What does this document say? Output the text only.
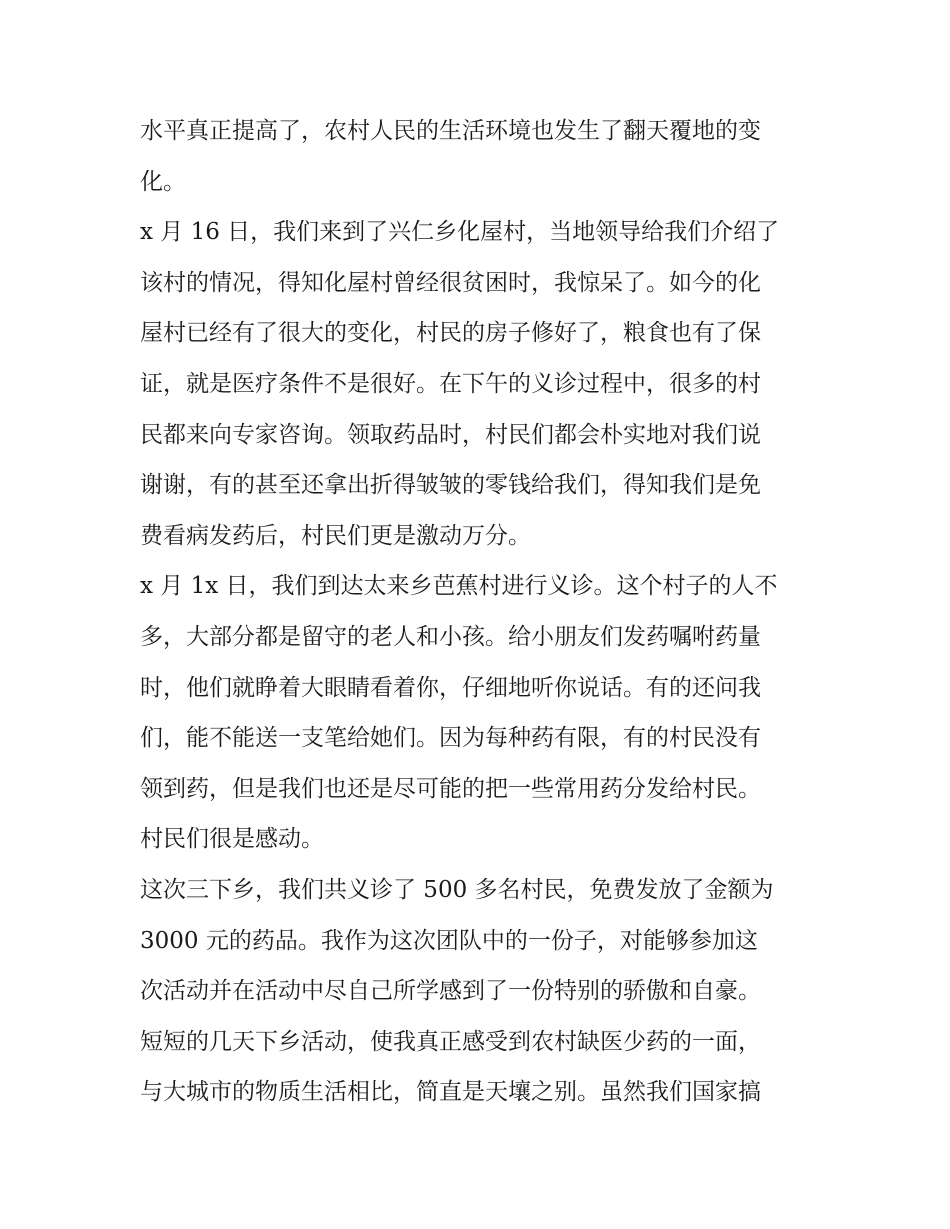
水平真正提高了，农村人民的生活环境也发生了翻天覆地的变
化。
x 月 16 日，我们来到了兴仁乡化屋村，当地领导给我们介绍了
该村的情况，得知化屋村曾经很贫困时，我惊呆了。如今的化
屋村已经有了很大的变化，村民的房子修好了，粮食也有了保
证，就是医疗条件不是很好。在下午的义诊过程中，很多的村
民都来向专家咨询。领取药品时，村民们都会朴实地对我们说
谢谢，有的甚至还拿出折得皱皱的零钱给我们，得知我们是免
费看病发药后，村民们更是激动万分。
x 月 1x 日，我们到达太来乡芭蕉村进行义诊。这个村子的人不
多，大部分都是留守的老人和小孩。给小朋友们发药嘱咐药量
时，他们就睁着大眼睛看着你，仔细地听你说话。有的还问我
们，能不能送一支笔给她们。因为每种药有限，有的村民没有
领到药，但是我们也还是尽可能的把一些常用药分发给村民。
村民们很是感动。
这次三下乡，我们共义诊了 500 多名村民，免费发放了金额为
3000 元的药品。我作为这次团队中的一份子，对能够参加这
次活动并在活动中尽自己所学感到了一份特别的骄傲和自豪。
短短的几天下乡活动，使我真正感受到农村缺医少药的一面，
与大城市的物质生活相比，简直是天壤之别。虽然我们国家搞
